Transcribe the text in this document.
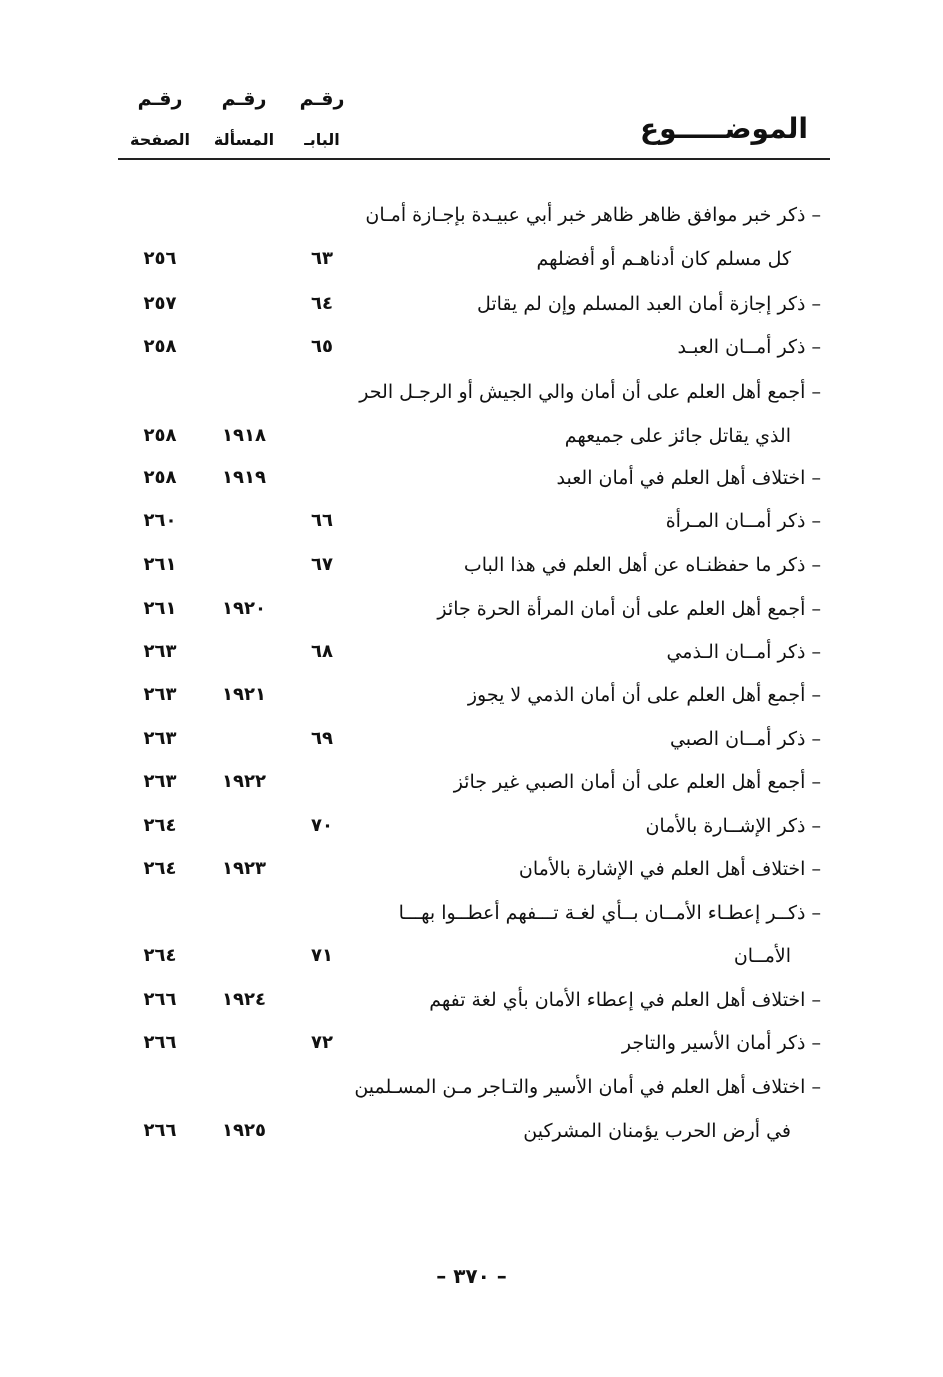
رقـم
الصفحة
رقـم
المسألة
رقـم
البابـ	الموضـــــوع
– ذكر خبر موافق ظاهر ظاهر خبر أبي عبيـدة بإجـازة أمـان
كل مسلم كان أدناهـم أو أفضلهم
٦٣
٢٥٦
– ذكر إجازة أمان العبد المسلم وإن لم يقاتل
٦٤
٢٥٧
– ذكر أمــان العبـد
٦٥
٢٥٨
– أجمع أهل العلم على أن أمان والي الجيش أو الرجـل الحر
الذي يقاتل جائز على جميعهم
١٩١٨
٢٥٨
– اختلاف أهل العلم في أمان العبد
١٩١٩
٢٥٨
– ذكر أمــان المـرأة
٦٦
٢٦٠
– ذكر ما حفظنـاه عن أهل العلم في هذا الباب
٦٧
٢٦١
– أجمع أهل العلم على أن أمان المرأة الحرة جائز
١٩٢٠
٢٦١
– ذكر أمــان الـذمي
٦٨
٢٦٣
– أجمع أهل العلم على أن أمان الذمي لا يجوز
١٩٢١
٢٦٣
– ذكر أمــان الصبي
٦٩
٢٦٣
– أجمع أهل العلم على أن أمان الصبي غير جائز
١٩٢٢
٢٦٣
– ذكر الإشــارة بالأمان
٧٠
٢٦٤
– اختلاف أهل العلم في الإشارة بالأمان
١٩٢٣
٢٦٤
– ذكــر إعطـاء الأمــان بــأي لغـة تـــفهم أعطــوا بهـــا
الأمــان
٧١
٢٦٤
– اختلاف أهل العلم في إعطاء الأمان بأي لغة تفهم
١٩٢٤
٢٦٦
– ذكر أمان الأسير والتاجر
٧٢
٢٦٦
– اختلاف أهل العلم في أمان الأسير والتـاجر مـن المسـلمين
في أرض الحرب يؤمنان المشركين
١٩٢٥
٢٦٦
– ٣٧٠ –
